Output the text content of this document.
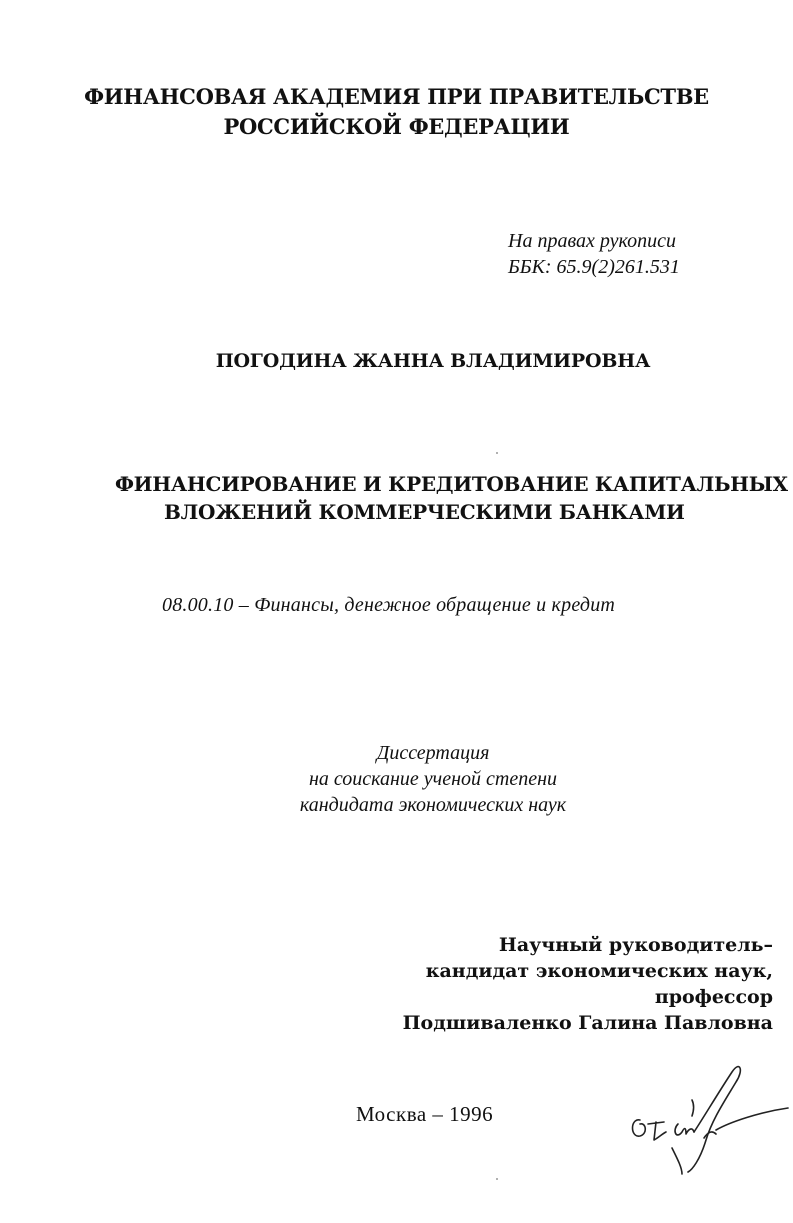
ФИНАНСОВАЯ АКАДЕМИЯ ПРИ ПРАВИТЕЛЬСТВЕ
РОССИЙСКОЙ ФЕДЕРАЦИИ
На правах рукописи
ББК: 65.9(2)261.531
ПОГОДИНА ЖАННА ВЛАДИМИРОВНА
ФИНАНСИРОВАНИЕ И КРЕДИТОВАНИЕ КАПИТАЛЬНЫХ
ВЛОЖЕНИЙ КОММЕРЧЕСКИМИ БАНКАМИ
08.00.10 – Финансы, денежное обращение и кредит
Диссертация
на соискание ученой степени
кандидата экономических наук
Научный руководитель–
кандидат экономических наук,
профессор
Подшиваленко Галина Павловна
Москва – 1996
